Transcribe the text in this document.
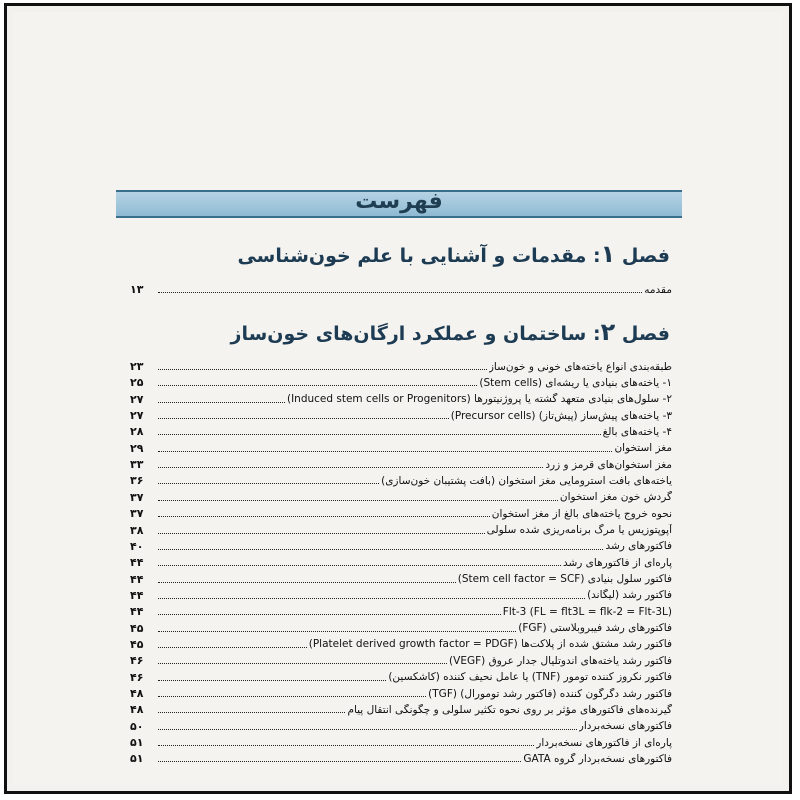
فهرست
فصل ۱: مقدمات و آشنایی با علم خون‌شناسی
فصل ۲: ساختمان و عملکرد ارگان‌های خون‌ساز
۱۳	مقدمه
۲۳	طبقه‌بندی انواع یاخته‌های خونی و خون‌ساز
۲۵	۱- یاخته‌های بنیادی یا ریشه‌ای (Stem cells)
۲۷	۲- سلول‌های بنیادی متعهد گشته یا پروژنیتورها (Induced stem cells or Progenitors)
۲۷	۳- یاخته‌های پیش‌ساز (پیش‌تاز) (Precursor cells)
۲۸	۴- یاخته‌های بالغ
۲۹	مغز استخوان
۳۳	مغز استخوان‌های قرمز و زرد
۳۶	یاخته‌های بافت استرومایی مغز استخوان (بافت پشتیبان خون‌سازی)
۳۷	گردش خون مغز استخوان
۳۷	نحوه خروج یاخته‌های بالغ از مغز استخوان
۳۸	آپوپتوزیس یا مرگ برنامه‌ریزی شده سلولی
۴۰	فاکتورهای رشد
۴۴	پاره‌ای از فاکتورهای رشد
۴۴	فاکتور سلول بنیادی (Stem cell factor = SCF)
۴۴	فاکتور رشد (لیگاند)
۴۴	Flt-3 (FL = flt3L = flk-2 = Flt-3L)
۴۵	فاکتورهای رشد فیبروبلاستی (FGF)
۴۵	فاکتور رشد مشتق شده از پلاکت‌ها (Platelet derived growth factor = PDGF)
۴۶	فاکتور رشد یاخته‌های اندوتلیال جدار عروق (VEGF)
۴۶	فاکتور نکروز کننده تومور (TNF) یا عامل نحیف کننده (کاشکسین)
۴۸	فاکتور رشد دگرگون کننده (فاکتور رشد تومورال) (TGF)
۴۸	گیرنده‌های فاکتورهای مؤثر بر روی نحوه تکثیر سلولی و چگونگی انتقال پیام
۵۰	فاکتورهای نسخه‌بردار
۵۱	پاره‌ای از فاکتورهای نسخه‌بردار
۵۱	فاکتورهای نسخه‌بردار گروه GATA
